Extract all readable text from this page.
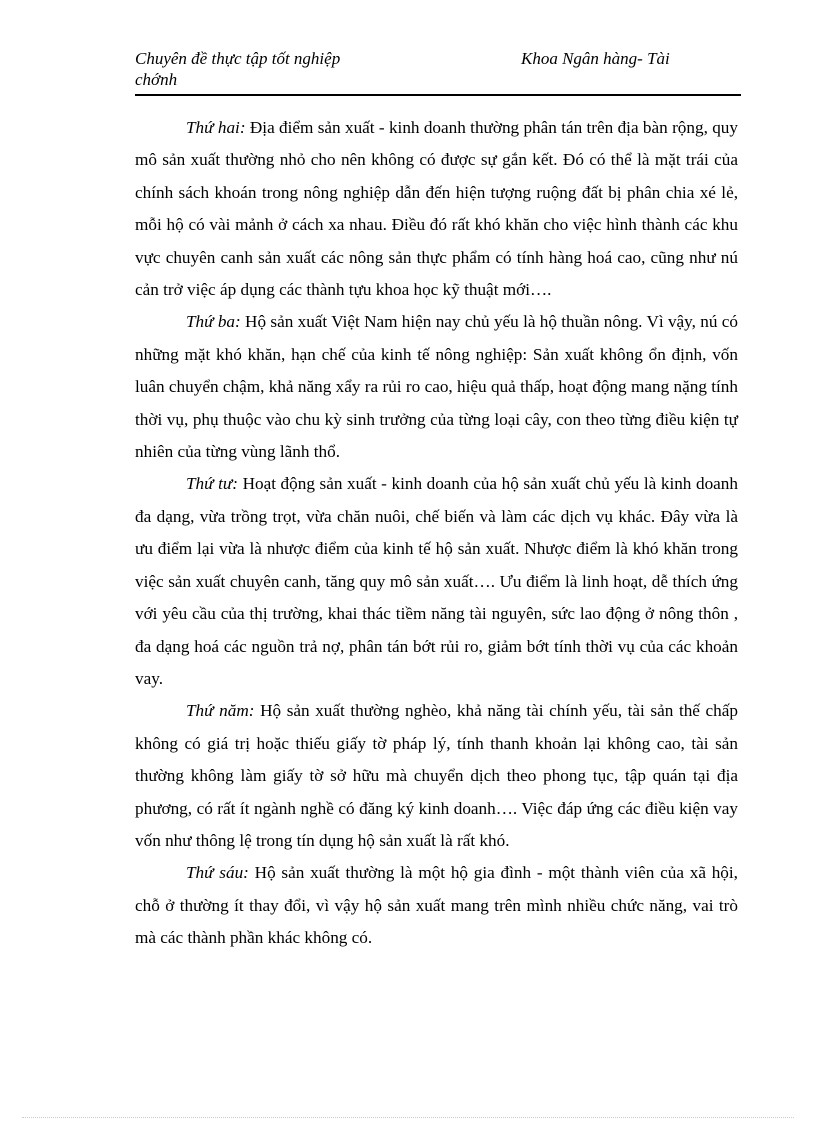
Chuyên đề thực tập tốt nghiệp
chớnh
Khoa Ngân hàng- Tài

Thứ hai: Địa điểm sản xuất - kinh doanh thường phân tán trên địa bàn rộng, quy mô sản xuất thường nhỏ cho nên không có được sự gắn kết. Đó có thể là mặt trái của chính sách khoán trong nông nghiệp dẫn đến hiện tượng ruộng đất bị phân chia xé lẻ, mỗi hộ có vài mảnh ở cách xa nhau. Điều đó rất khó khăn cho việc hình thành các khu vực chuyên canh sản xuất các nông sản thực phẩm có tính hàng hoá cao, cũng như nú cản trở việc áp dụng các thành tựu khoa học kỹ thuật mới….

Thứ ba: Hộ sản xuất Việt Nam hiện nay chủ yếu là hộ thuần nông. Vì vậy, nú có những mặt khó khăn, hạn chế của kinh tế nông nghiệp: Sản xuất không ổn định, vốn luân chuyển chậm, khả năng xẩy ra rủi ro cao, hiệu quả thấp, hoạt động mang nặng tính thời vụ, phụ thuộc vào chu kỳ sinh trưởng của từng loại cây, con theo từng điều kiện tự nhiên của từng vùng lãnh thổ.

Thứ tư: Hoạt động sản xuất - kinh doanh của hộ sản xuất chủ yếu là kinh doanh đa dạng, vừa trồng trọt, vừa chăn nuôi, chế biến và làm các dịch vụ khác. Đây vừa là ưu điểm lại vừa là nhược điểm của kinh tế hộ sản xuất. Nhược điểm là khó khăn trong việc sản xuất chuyên canh, tăng quy mô sản xuất…. Ưu điểm là linh hoạt, dễ thích ứng với yêu cầu của thị trường, khai thác tiềm năng tài nguyên, sức lao động ở nông thôn , đa dạng hoá các nguồn trả nợ, phân tán bớt rủi ro, giảm bớt tính thời vụ của các khoản vay.

Thứ năm: Hộ sản xuất thường nghèo, khả năng tài chính yếu, tài sản thế chấp không có giá trị hoặc thiếu giấy tờ pháp lý, tính thanh khoản lại không cao, tài sản thường không làm giấy tờ sở hữu mà chuyển dịch theo phong tục, tập quán tại địa phương, có rất ít ngành nghề có đăng ký kinh doanh…. Việc đáp ứng các điều kiện vay vốn như thông lệ trong tín dụng hộ sản xuất là rất khó.

Thứ sáu: Hộ sản xuất thường là một hộ gia đình - một thành viên của xã hội, chỗ ở thường ít thay đổi, vì vậy hộ sản xuất mang trên mình nhiều chức năng, vai trò mà các thành phần khác không có.
